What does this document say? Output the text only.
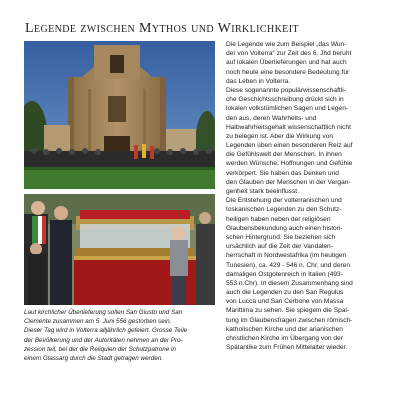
Legende zwischen Mythos und Wirklichkeit
Laut kirchlicher Überlieferung sollen San Giusto und San
Clemente zusammen am 5. Juni 556 gestorben sein.
Dieser Tag wird in Volterra alljährlich gefeiert. Grosse Teile
der Bevölkerung und der Autoritäten nehmen an der Pro-
zession teil, bei der die Reliquien der Schutzpatrone in
einem Glassarg durch die Stadt getragen werden.
Die Legende wie zum Beispiel „das Wun-
der von Volterra“ zur Zeit des 6. Jhd beruht
auf lokalen Überlieferungen und hat auch
noch heute eine besondere Bedeutung für
das Leben in Volterra.
Diese sogenannte populärwissenschaftli-
che Geschichtsschreibung drückt sich in
lokalen volkstümlichen Sagen und Legen-
den aus, deren Wahrheits- und
Halbwahrheitsgehalt wissenschaftlich nicht
zu belegen ist. Aber die Wirkung von
Legenden üben einen besonderen Reiz auf
die Gefühlswelt der Menschen. In ihnen
werden Wünsche, Hoffnungen und Gefühle
verkörpert. Sie haben das Denken und
den Glauben der Menschen in der Vergan-
genheit stark beeinflusst.
Die Entstehung der volterranischen und
toskanischen Legenden zu den Schutz-
heiligen haben neben der religiösen
Glaubensbekundung auch einen histori-
schen Hintergrund. Sie beziehen sich
ursächlich auf die Zeit der Vandalen-
herrschaft in Nordwestafrika (im heutigen
Tunesien), ca. 429 - 546 n. Chr. und deren
damaligen Ostgotenreich in Italien (493-
553 n.Chr). In diesem Zusammenhang sind
auch die Legenden zu den San Regulus
von Lucca und San Cerbone von Massa
Marittima zu sehen. Sie spiegeln die Spal-
tung im Glaubensfragen zwischen römisch-
katholischen Kirche und der arianischen
christlichen Kirche im Übergang von der
Spätantike zum Frühen Mittelalter wieder.
